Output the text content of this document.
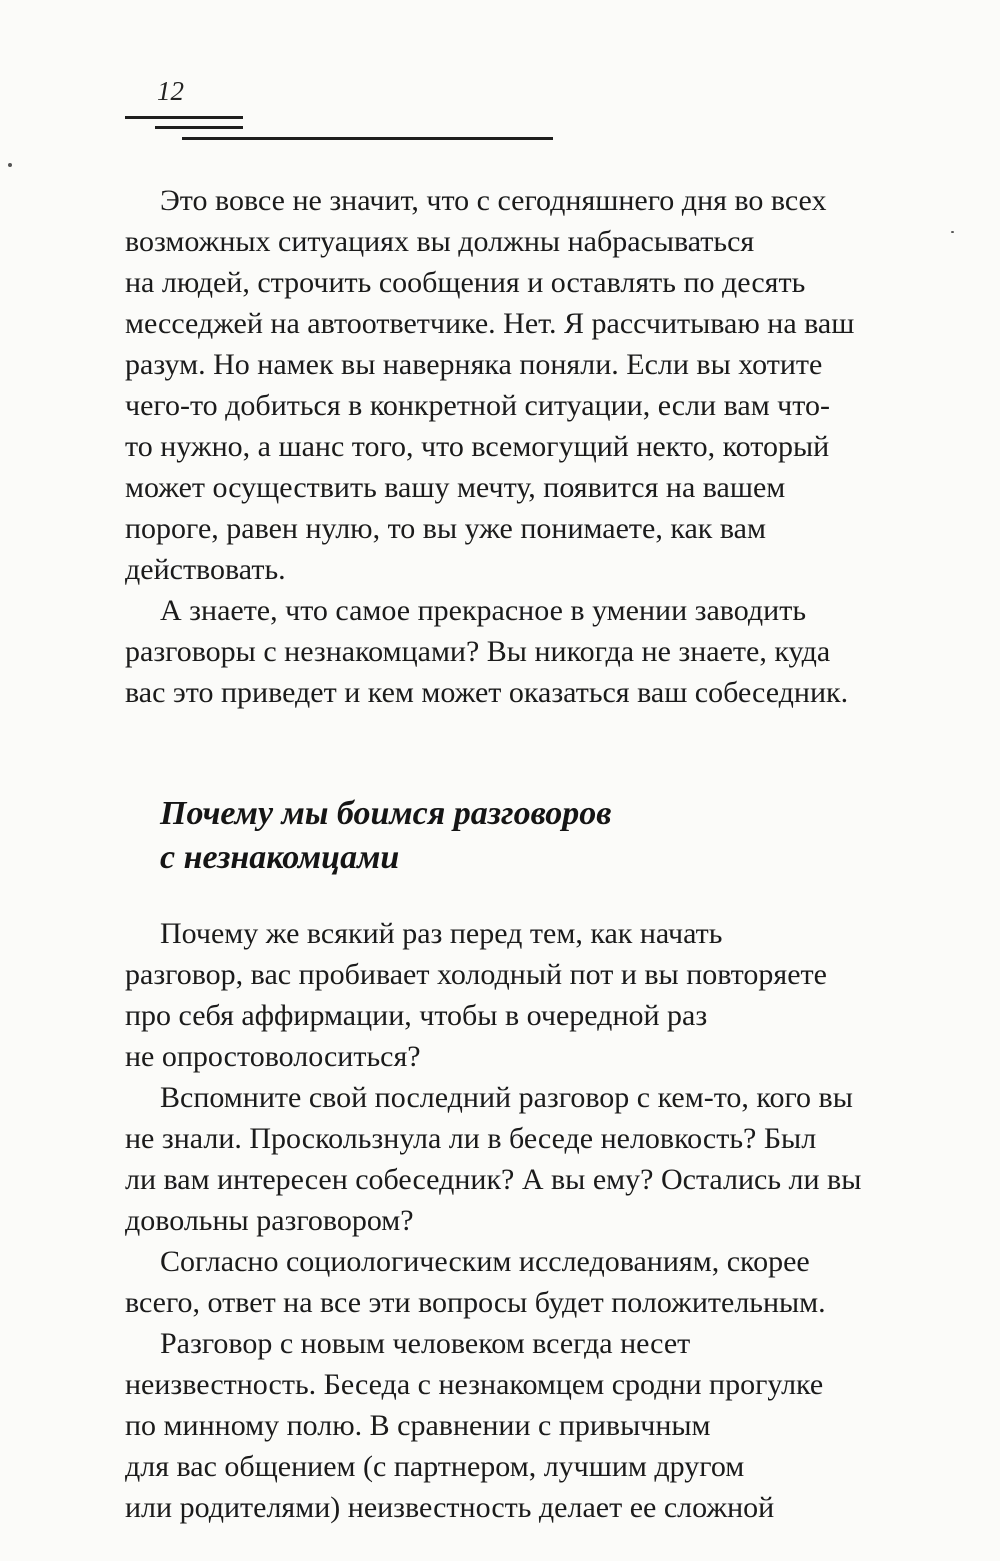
12
Это вовсе не значит, что с сегодняшнего дня во всех
возможных ситуациях вы должны набрасываться
на людей, строчить сообщения и оставлять по десять
месседжей на автоответчике. Нет. Я рассчитываю на ваш
разум. Но намек вы наверняка поняли. Если вы хотите
чего-то добиться в конкретной ситуации, если вам что-
то нужно, а шанс того, что всемогущий некто, который
может осуществить вашу мечту, появится на вашем
пороге, равен нулю, то вы уже понимаете, как вам
действовать.
А знаете, что самое прекрасное в умении заводить
разговоры с незнакомцами? Вы никогда не знаете, куда
вас это приведет и кем может оказаться ваш собеседник.
Почему мы боимся разговоров
с незнакомцами
Почему же всякий раз перед тем, как начать
разговор, вас пробивает холодный пот и вы повторяете
про себя аффирмации, чтобы в очередной раз
не опростоволоситься?
Вспомните свой последний разговор с кем-то, кого вы
не знали. Проскользнула ли в беседе неловкость? Был
ли вам интересен собеседник? А вы ему? Остались ли вы
довольны разговором?
Согласно социологическим исследованиям, скорее
всего, ответ на все эти вопросы будет положительным.
Разговор с новым человеком всегда несет
неизвестность. Беседа с незнакомцем сродни прогулке
по минному полю. В сравнении с привычным
для вас общением (с партнером, лучшим другом
или родителями) неизвестность делает ее сложной
